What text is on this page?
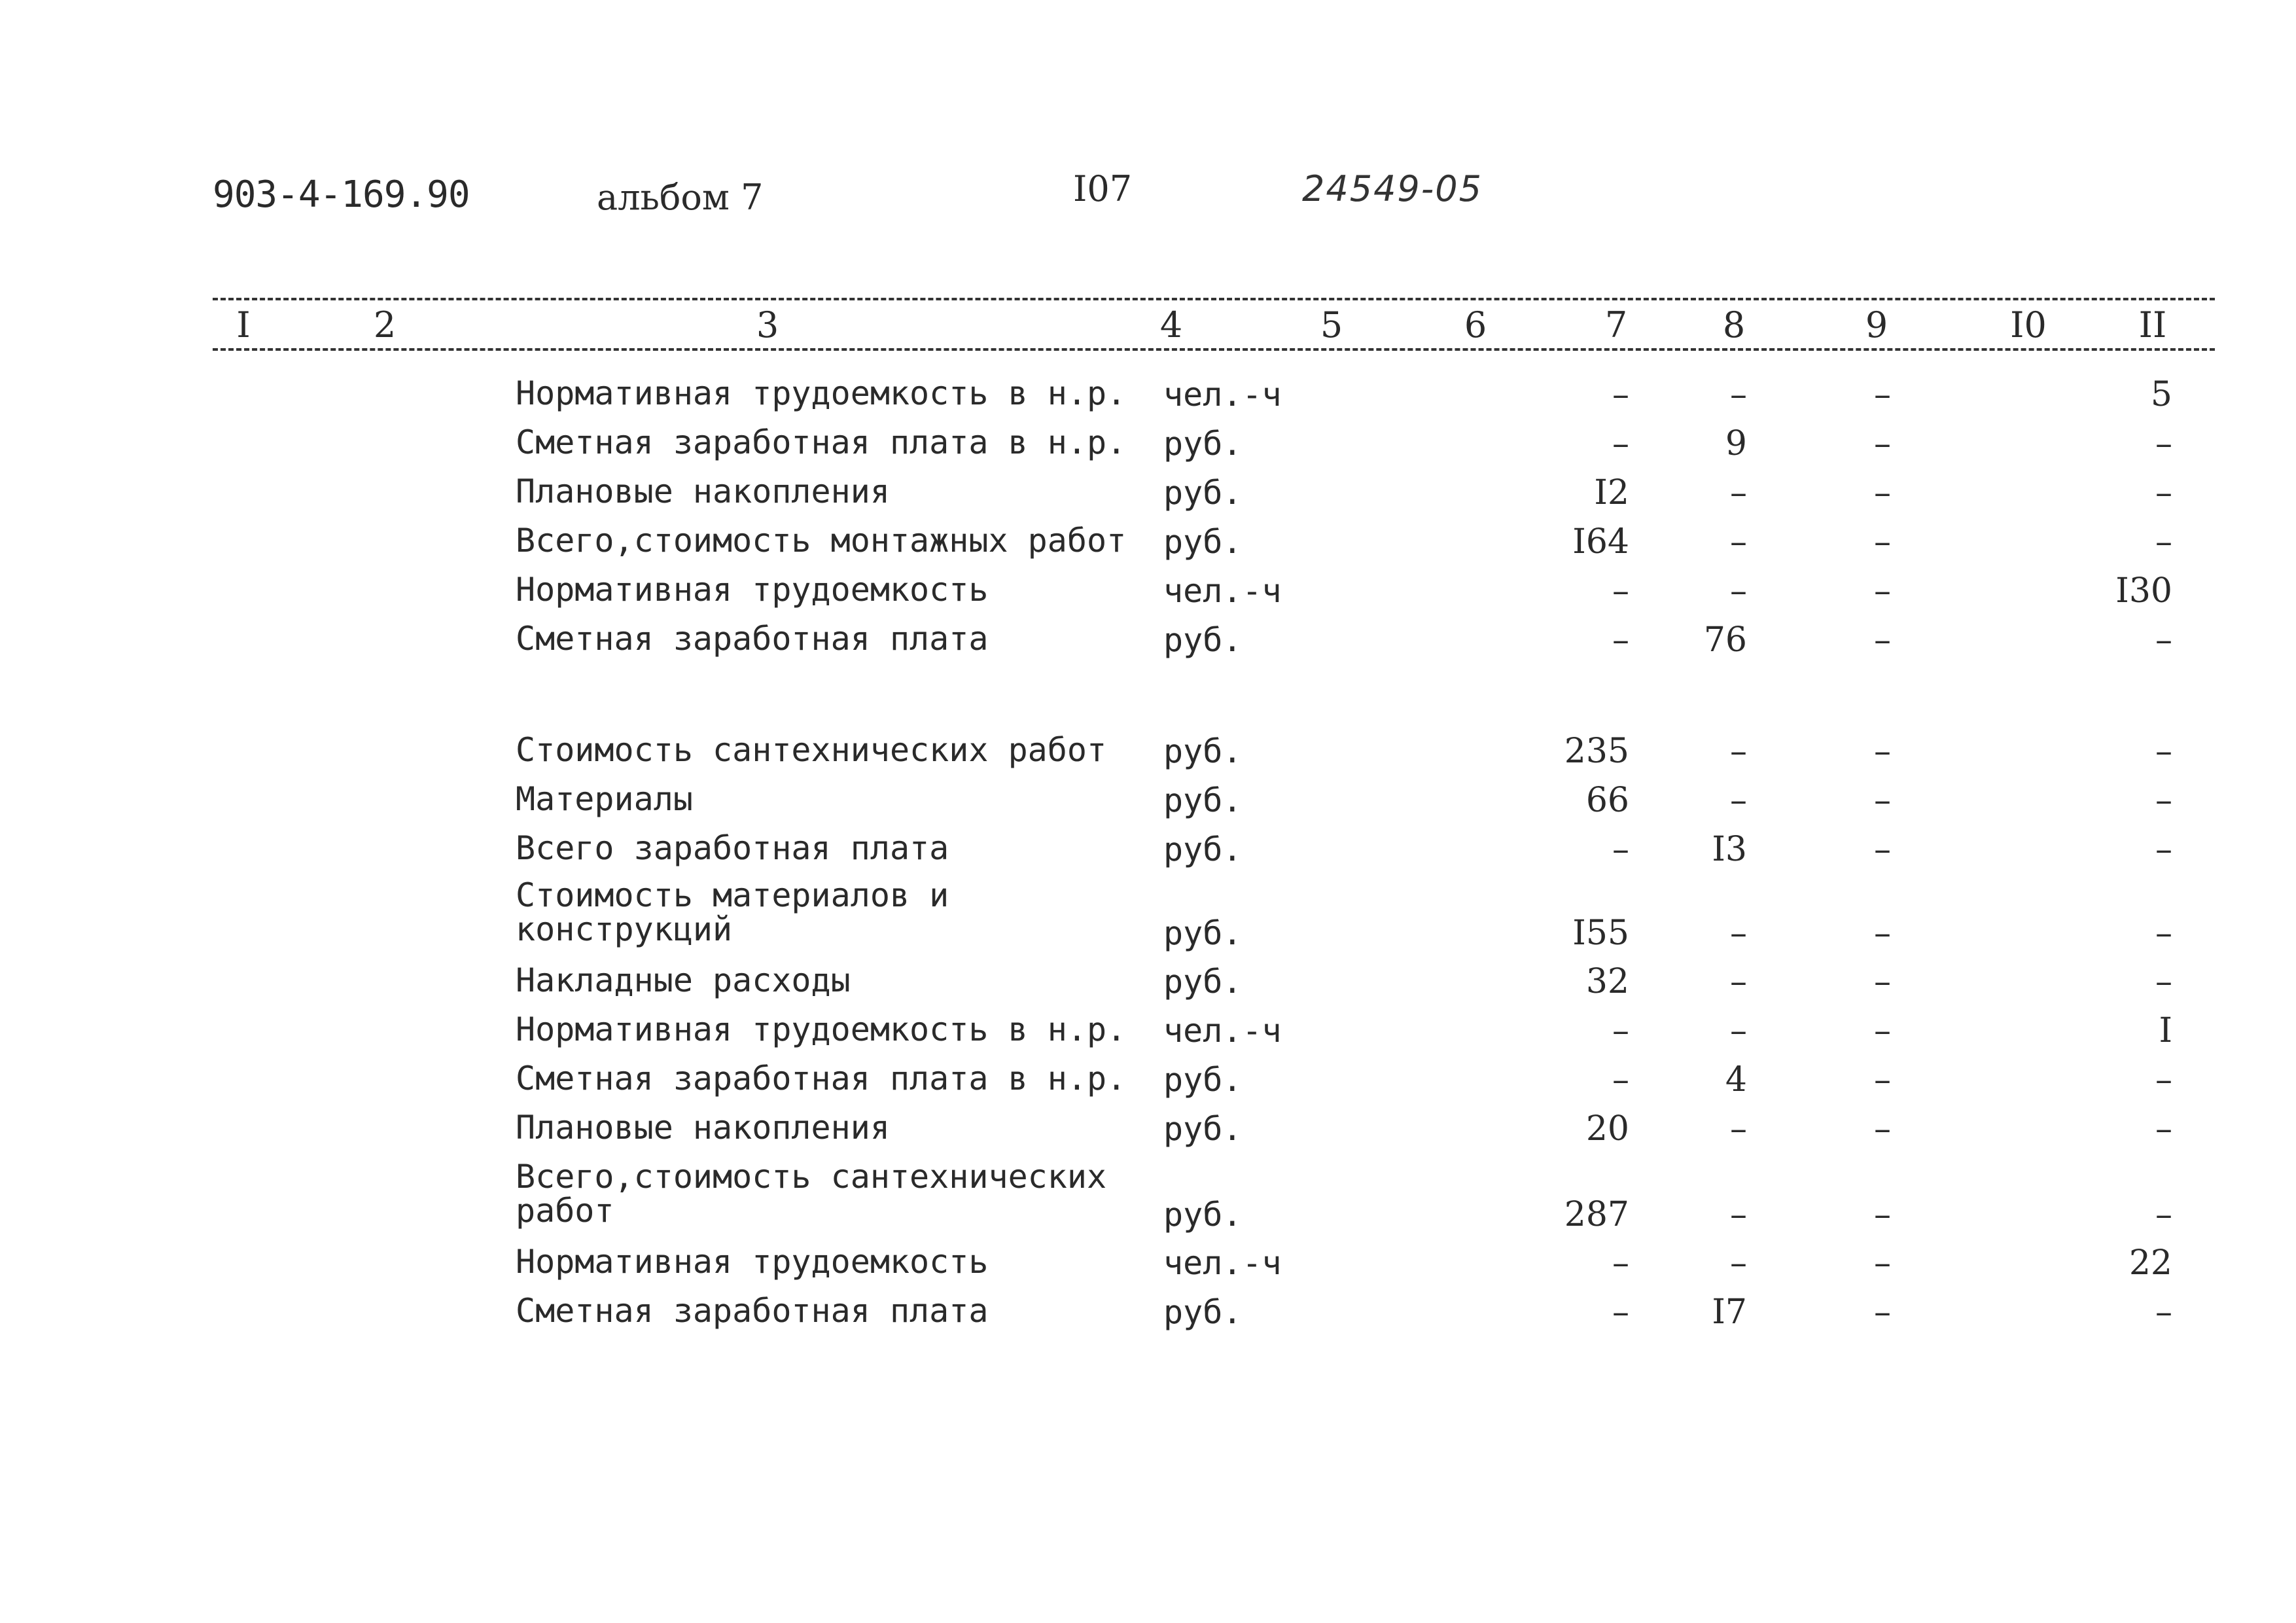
903-4-169.90	альбом 7	I07	24549-05
I	2	3	4	5	6	7	8	9	I0	II
Нормативная трудоемкость в н.р.	чел.-ч	–	–	–	5
Сметная заработная плата в н.р.	руб.	–	9	–	–
Плановые накопления	руб.	I2	–	–	–
Всего,стоимость монтажных работ	руб.	I64	–	–	–
Нормативная трудоемкость	чел.-ч	–	–	–	I30
Сметная заработная плата	руб.	–	76	–	–
Стоимость сантехнических работ	руб.	235	–	–	–
Материалы	руб.	66	–	–	–
Всего заработная плата	руб.	–	I3	–	–
Стоимость материалов и конструкций	руб.	I55	–	–	–
Накладные расходы	руб.	32	–	–	–
Нормативная трудоемкость в н.р.	чел.-ч	–	–	–	I
Сметная заработная плата в н.р.	руб.	–	4	–	–
Плановые накопления	руб.	20	–	–	–
Всего,стоимость сантехнических работ	руб.	287	–	–	–
Нормативная трудоемкость	чел.-ч	–	–	–	22
Сметная заработная плата	руб.	–	I7	–	–
